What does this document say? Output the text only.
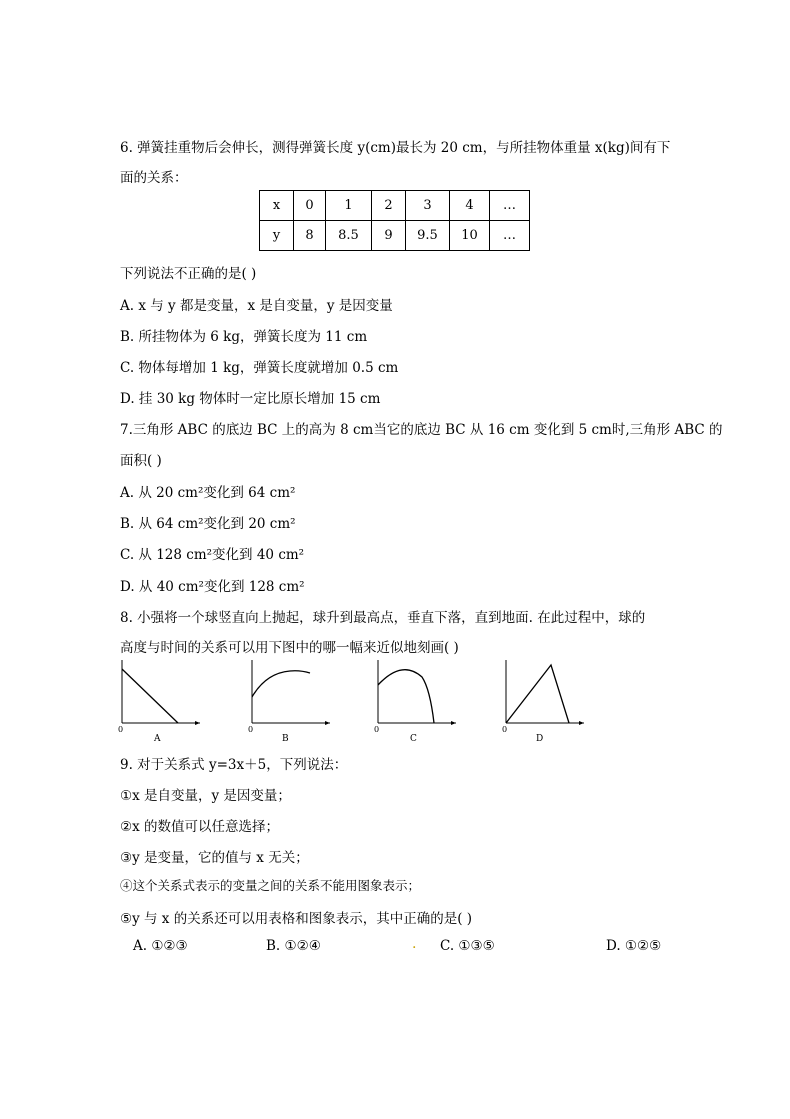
6. 弹簧挂重物后会伸长，测得弹簧长度 y(cm)最长为 20 cm，与所挂物体重量 x(kg)间有下
面的关系：
x	0	1	2	3	4	…
y	8	8.5	9	9.5	10	…
下列说法不正确的是( )
A. x 与 y 都是变量，x 是自变量，y 是因变量
B. 所挂物体为 6 kg，弹簧长度为 11 cm
C. 物体每增加 1 kg，弹簧长度就增加 0.5 cm
D. 挂 30 kg 物体时一定比原长增加 15 cm
7.三角形 ABC 的底边 BC 上的高为 8 cm当它的底边 BC 从 16 cm 变化到 5 cm时,三角形 ABC 的
面积( )
A. 从 20 cm²变化到 64 cm²
B. 从 64 cm²变化到 20 cm²
C. 从 128 cm²变化到 40 cm²
D. 从 40 cm²变化到 128 cm²
8. 小强将一个球竖直向上抛起，球升到最高点，垂直下落，直到地面. 在此过程中，球的
高度与时间的关系可以用下图中的哪一幅来近似地刻画( )
0
A
0
B
0
C
0
D
9. 对于关系式 y=3x＋5，下列说法：
①x 是自变量，y 是因变量；
②x 的数值可以任意选择；
③y 是变量，它的值与 x 无关；
④这个关系式表示的变量之间的关系不能用图象表示；
⑤y 与 x 的关系还可以用表格和图象表示，其中正确的是( )
A. ①②③	B. ①②④	. C. ①③⑤	D. ①②⑤
